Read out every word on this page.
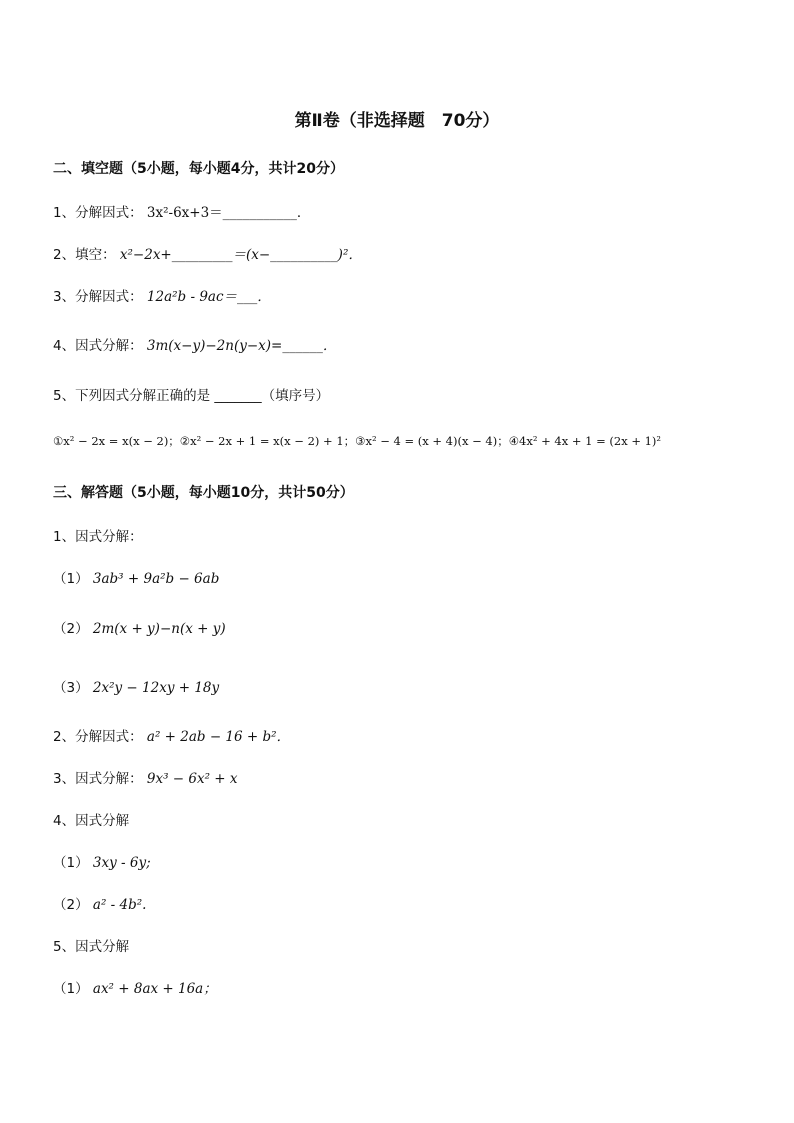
第Ⅱ卷（非选择题　70分）
二、填空题（5小题，每小题4分，共计20分）
1、分解因式： 3x²-6x+3＝___________．
2、填空： x²−2x+_________＝(x−__________)²．
3、分解因式： 12a²b - 9ac＝___．
4、因式分解： 3m(x−y)−2n(y−x)=______．
5、下列因式分解正确的是 _______（填序号）
①x² − 2x = x(x − 2)；②x² − 2x + 1 = x(x − 2) + 1；③x² − 4 = (x + 4)(x − 4)；④4x² + 4x + 1 = (2x + 1)²
三、解答题（5小题，每小题10分，共计50分）
1、因式分解：
（1） 3ab³ + 9a²b − 6ab
（2） 2m(x + y)−n(x + y)
（3） 2x²y − 12xy + 18y
2、分解因式： a² + 2ab − 16 + b²．
3、因式分解： 9x³ − 6x² + x
4、因式分解
（1） 3xy - 6y;
（2） a² - 4b².
5、因式分解
（1） ax² + 8ax + 16a；
